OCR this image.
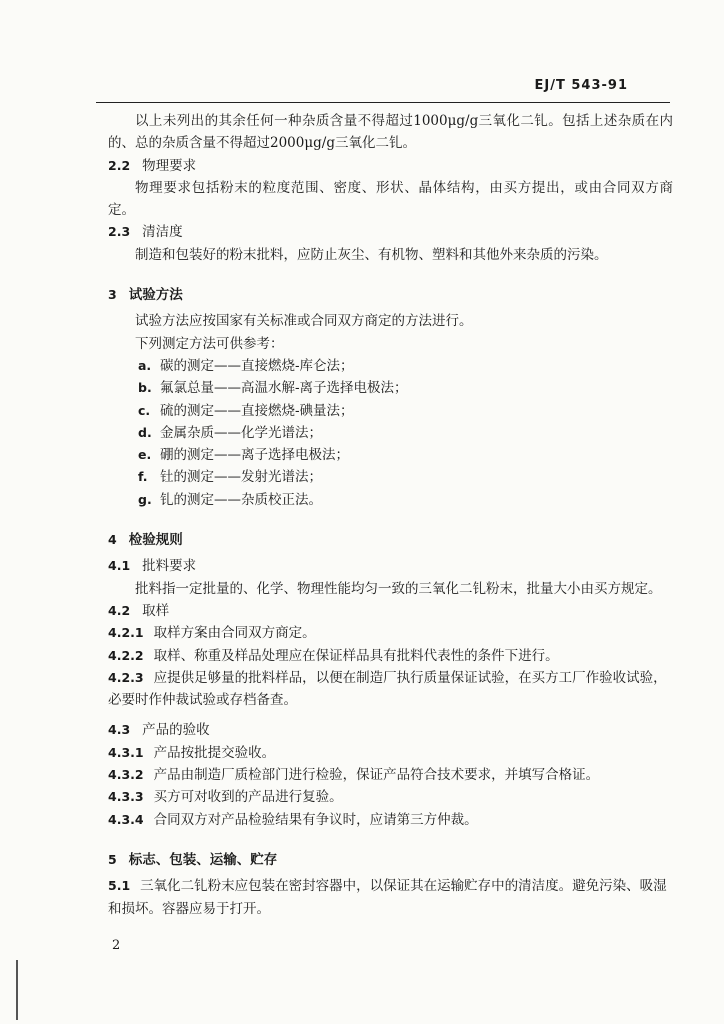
EJ/T 543-91

以上未列出的其余任何一种杂质含量不得超过1000μg/g三氧化二钆。包括上述杂质在内的、总的杂质含量不得超过2000μg/g三氧化二钆。

2.2 物理要求

物理要求包括粉末的粒度范围、密度、形状、晶体结构，由买方提出，或由合同双方商定。

2.3 清洁度

制造和包装好的粉末批料，应防止灰尘、有机物、塑料和其他外来杂质的污染。

3 试验方法

试验方法应按国家有关标准或合同双方商定的方法进行。

下列测定方法可供参考：

a. 碳的测定——直接燃烧-库仑法；
b. 氟氯总量——高温水解-离子选择电极法；
c. 硫的测定——直接燃烧-碘量法；
d. 金属杂质——化学光谱法；
e. 硼的测定——离子选择电极法；
f. 钍的测定——发射光谱法；
g. 钆的测定——杂质校正法。
4 检验规则
4.1 批料要求

批料指一定批量的、化学、物理性能均匀一致的三氧化二钆粉末，批量大小由买方规定。

4.2 取样
4.2.1 取样方案由合同双方商定。
4.2.2 取样、称重及样品处理应在保证样品具有批料代表性的条件下进行。
4.2.3 应提供足够量的批料样品，以便在制造厂执行质量保证试验，在买方工厂作验收试验，必要时作仲裁试验或存档备查。
4.3 产品的验收
4.3.1 产品按批提交验收。
4.3.2 产品由制造厂质检部门进行检验，保证产品符合技术要求，并填写合格证。
4.3.3 买方可对收到的产品进行复验。
4.3.4 合同双方对产品检验结果有争议时，应请第三方仲裁。
5 标志、包装、运输、贮存
5.1 三氧化二钆粉末应包装在密封容器中，以保证其在运输贮存中的清洁度。避免污染、吸湿和损坏。容器应易于打开。
2
